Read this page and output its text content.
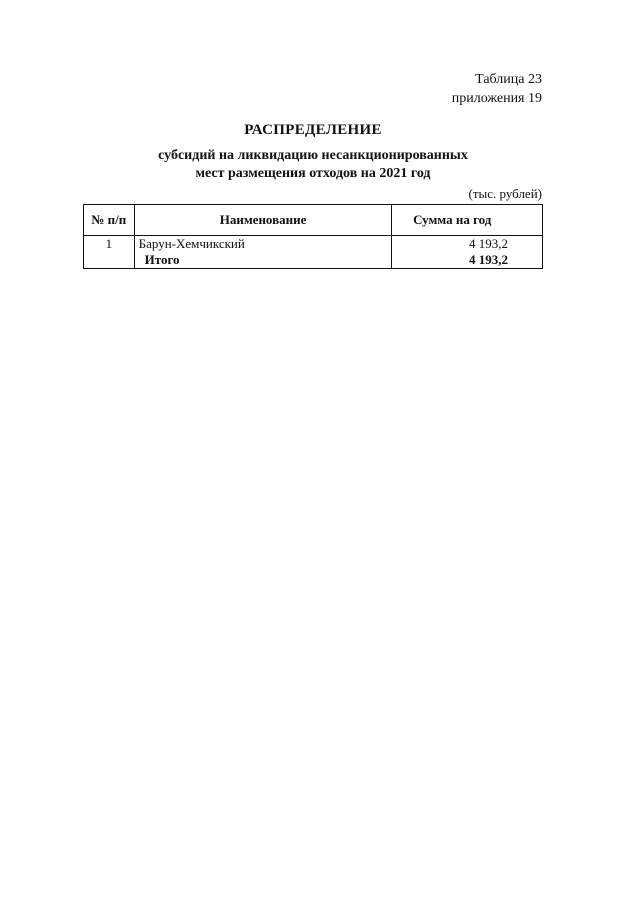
Таблица 23
приложения 19
РАСПРЕДЕЛЕНИЕ
субсидий на ликвидацию несанкционированных
мест размещения отходов на 2021 год
(тыс. рублей)
№ п/п	Наименование	Сумма на год
1	Барун-Хемчикский	4 193,2
	Итого	4 193,2
